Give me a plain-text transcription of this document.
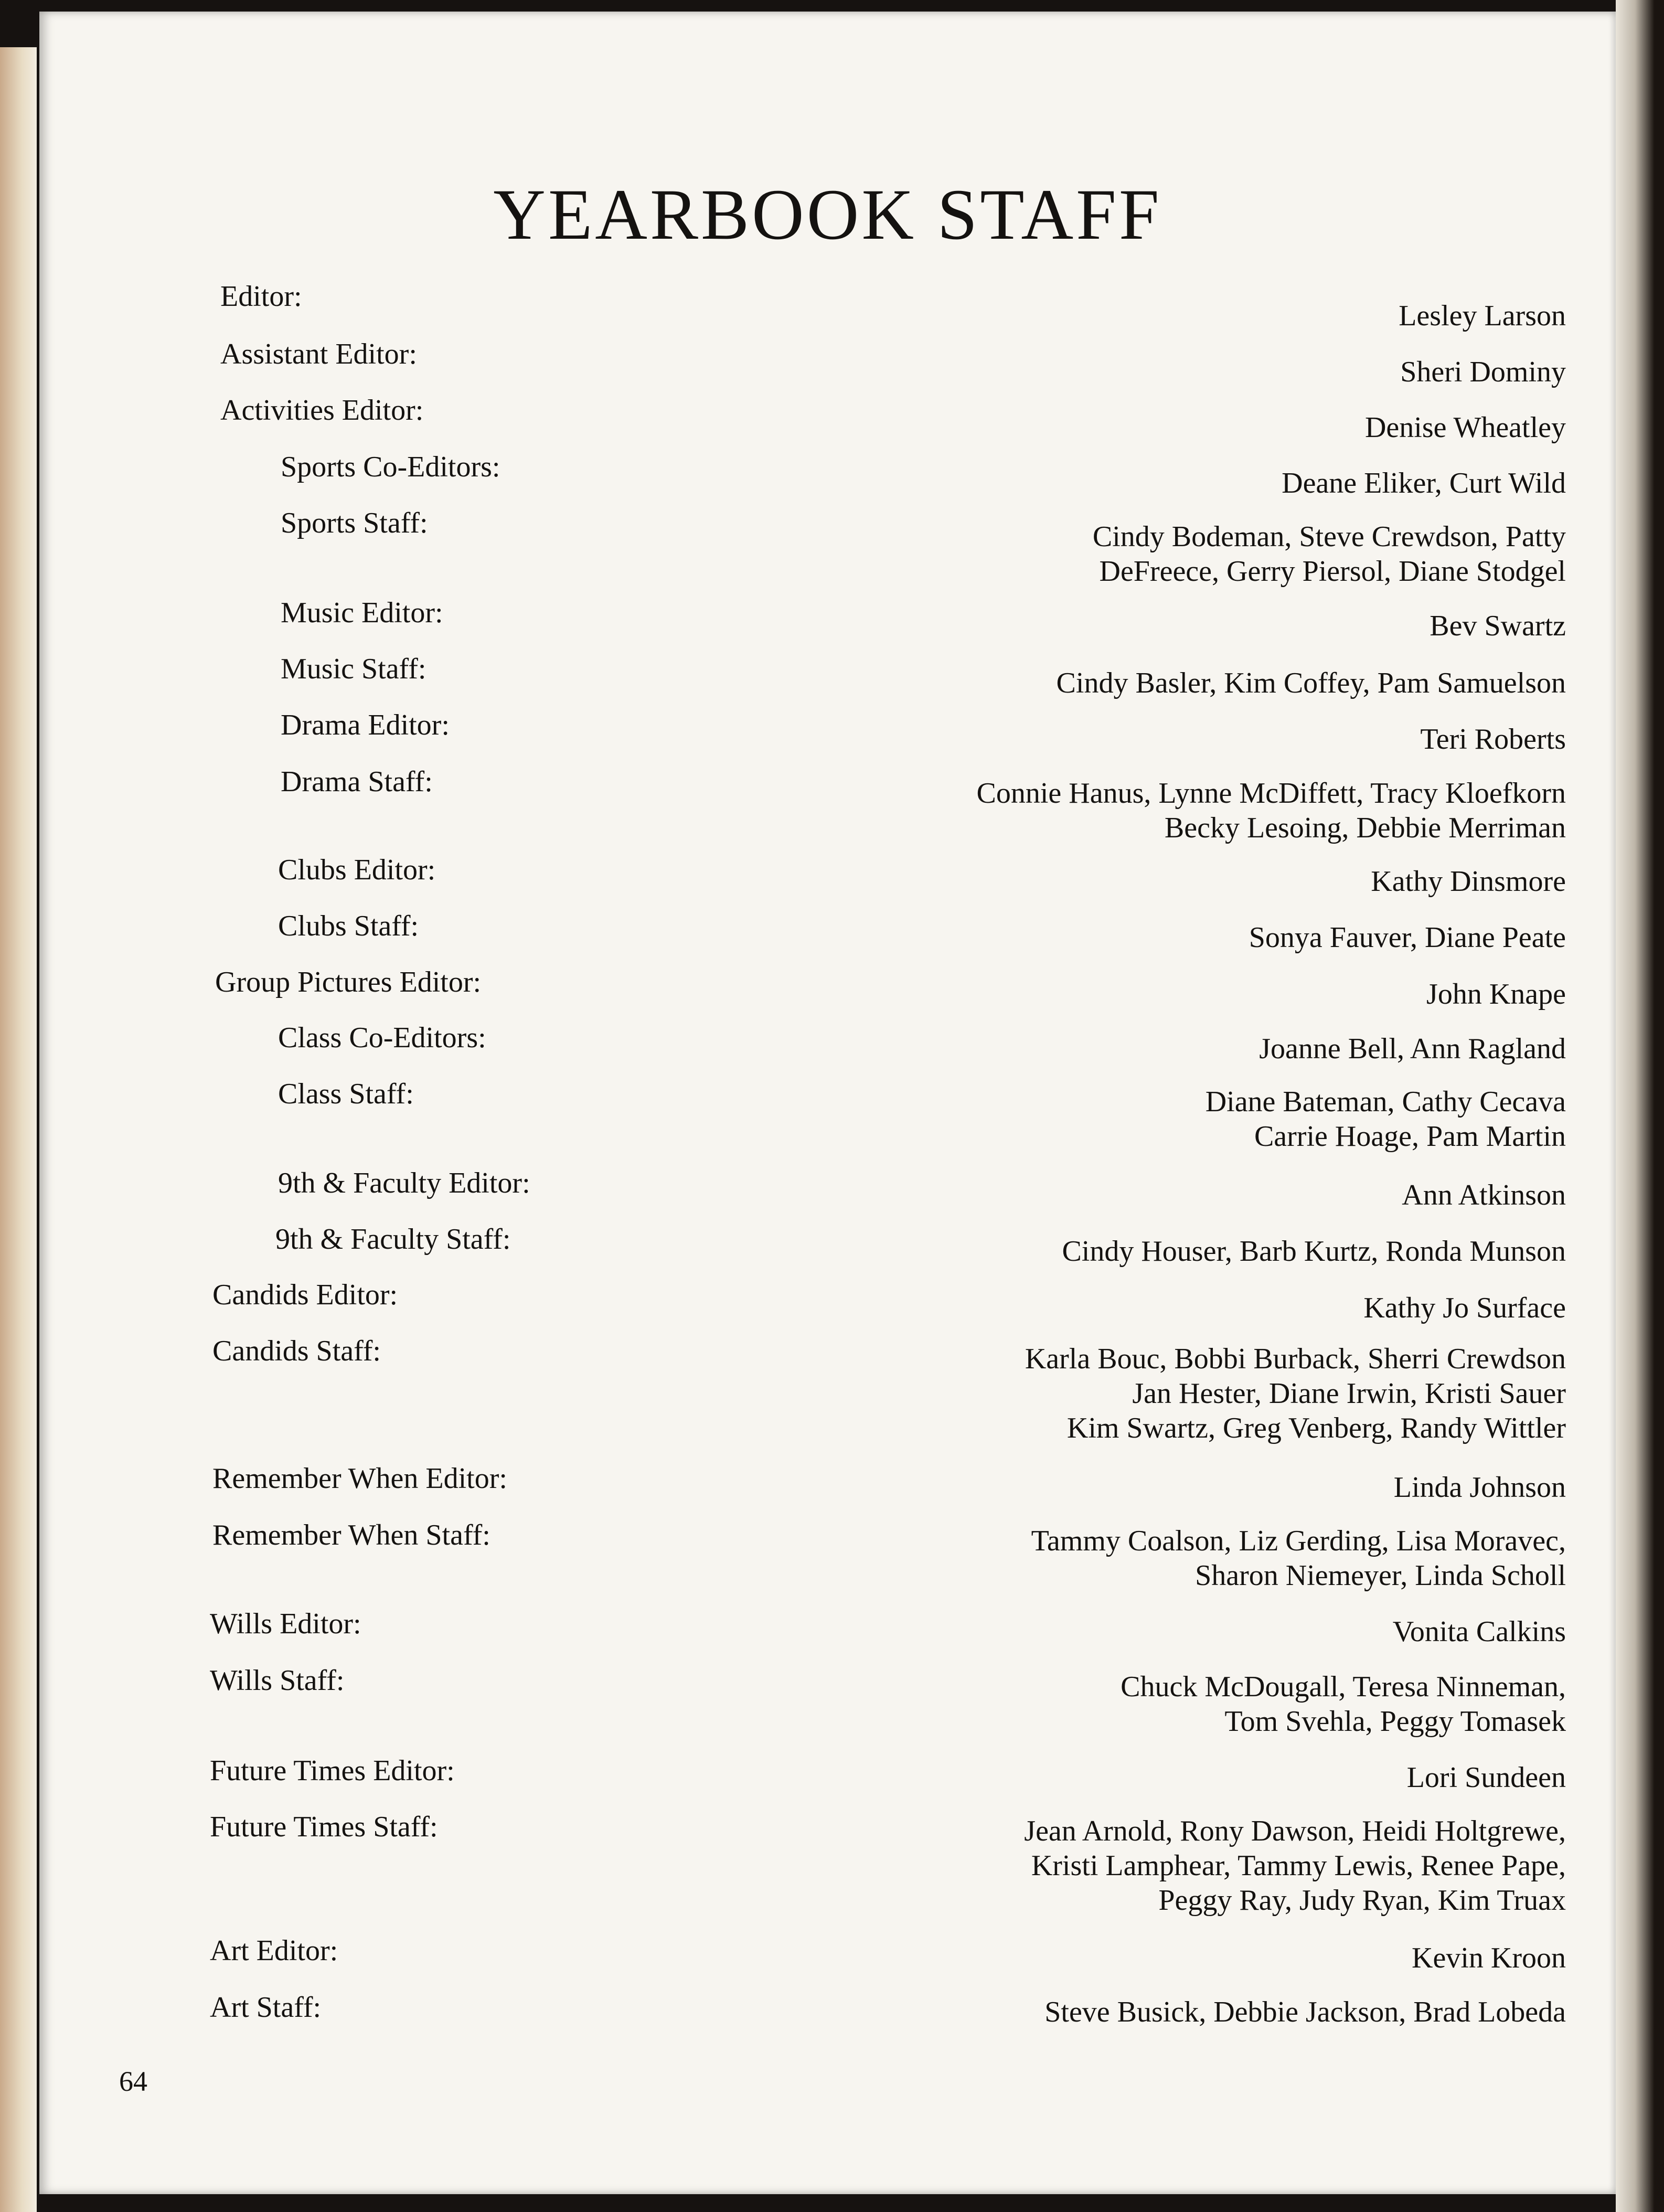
YEARBOOK STAFF
Editor:
Lesley Larson
Assistant Editor:
Sheri Dominy
Activities Editor:
Denise Wheatley
Sports Co-Editors:	Deane Eliker, Curt Wild
Sports Staff:	Cindy Bodeman, Steve Crewdson, Patty
DeFreece, Gerry Piersol, Diane Stodgel
Music Editor:	Bev Swartz
Music Staff:	Cindy Basler, Kim Coffey, Pam Samuelson
Drama Editor:	Teri Roberts
Drama Staff:	Connie Hanus, Lynne McDiffett, Tracy Kloefkorn
Becky Lesoing, Debbie Merriman
Clubs Editor:	Kathy Dinsmore
Clubs Staff:	Sonya Fauver, Diane Peate
Group Pictures Editor:	John Knape
Class Co-Editors:	Joanne Bell, Ann Ragland
Class Staff:	Diane Bateman, Cathy Cecava
Carrie Hoage, Pam Martin
9th & Faculty Editor:	Ann Atkinson
9th & Faculty Staff:	Cindy Houser, Barb Kurtz, Ronda Munson
Candids Editor:	Kathy Jo Surface
Candids Staff:	Karla Bouc, Bobbi Burback, Sherri Crewdson
Jan Hester, Diane Irwin, Kristi Sauer
Kim Swartz, Greg Venberg, Randy Wittler
Remember When Editor:	Linda Johnson
Remember When Staff:	Tammy Coalson, Liz Gerding, Lisa Moravec,
Sharon Niemeyer, Linda Scholl
Wills Editor:	Vonita Calkins
Wills Staff:	Chuck McDougall, Teresa Ninneman,
Tom Svehla, Peggy Tomasek
Future Times Editor:	Lori Sundeen
Future Times Staff:	Jean Arnold, Rony Dawson, Heidi Holtgrewe,
Kristi Lamphear, Tammy Lewis, Renee Pape,
Peggy Ray, Judy Ryan, Kim Truax
Art Editor:	Kevin Kroon
Art Staff:	Steve Busick, Debbie Jackson, Brad Lobeda
64
